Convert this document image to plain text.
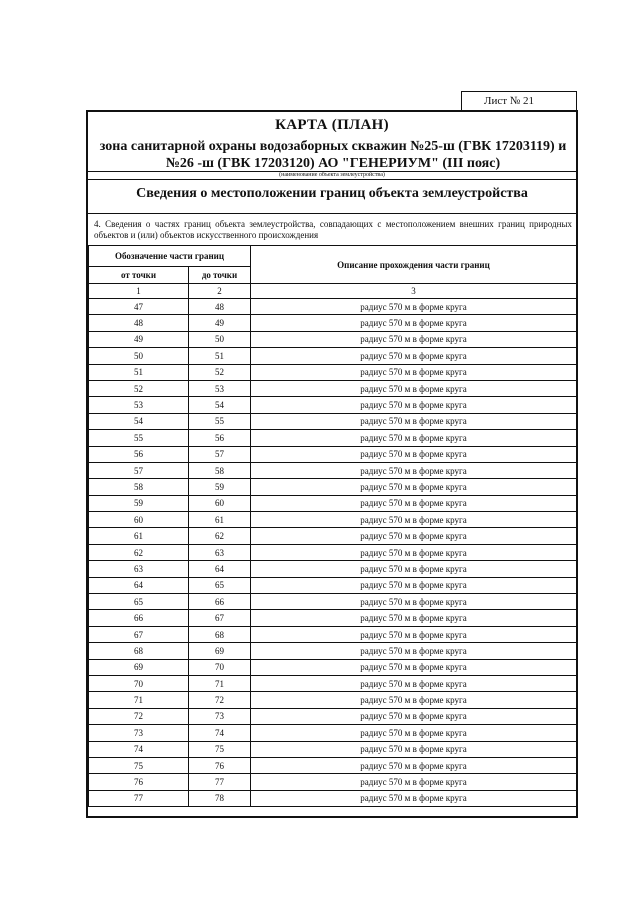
Лист № 21
КАРТА (ПЛАН)
зона санитарной охраны водозаборных скважин №25-ш (ГВК 17203119) и №26 -ш (ГВК 17203120) АО "ГЕНЕРИУМ" (III пояс)
(наименование объекта землеустройства)
Сведения о местоположении границ объекта землеустройства
4. Сведения о частях границ объекта землеустройства, совпадающих с местоположением внешних границ природных объектов и (или) объектов искусственного происхождения
Обозначение части границ		Описание прохождения части границ
от точки	до точки	
1	2	3
47	48	радиус 570 м в форме круга
48	49	радиус 570 м в форме круга
49	50	радиус 570 м в форме круга
50	51	радиус 570 м в форме круга
51	52	радиус 570 м в форме круга
52	53	радиус 570 м в форме круга
53	54	радиус 570 м в форме круга
54	55	радиус 570 м в форме круга
55	56	радиус 570 м в форме круга
56	57	радиус 570 м в форме круга
57	58	радиус 570 м в форме круга
58	59	радиус 570 м в форме круга
59	60	радиус 570 м в форме круга
60	61	радиус 570 м в форме круга
61	62	радиус 570 м в форме круга
62	63	радиус 570 м в форме круга
63	64	радиус 570 м в форме круга
64	65	радиус 570 м в форме круга
65	66	радиус 570 м в форме круга
66	67	радиус 570 м в форме круга
67	68	радиус 570 м в форме круга
68	69	радиус 570 м в форме круга
69	70	радиус 570 м в форме круга
70	71	радиус 570 м в форме круга
71	72	радиус 570 м в форме круга
72	73	радиус 570 м в форме круга
73	74	радиус 570 м в форме круга
74	75	радиус 570 м в форме круга
75	76	радиус 570 м в форме круга
76	77	радиус 570 м в форме круга
77	78	радиус 570 м в форме круга
